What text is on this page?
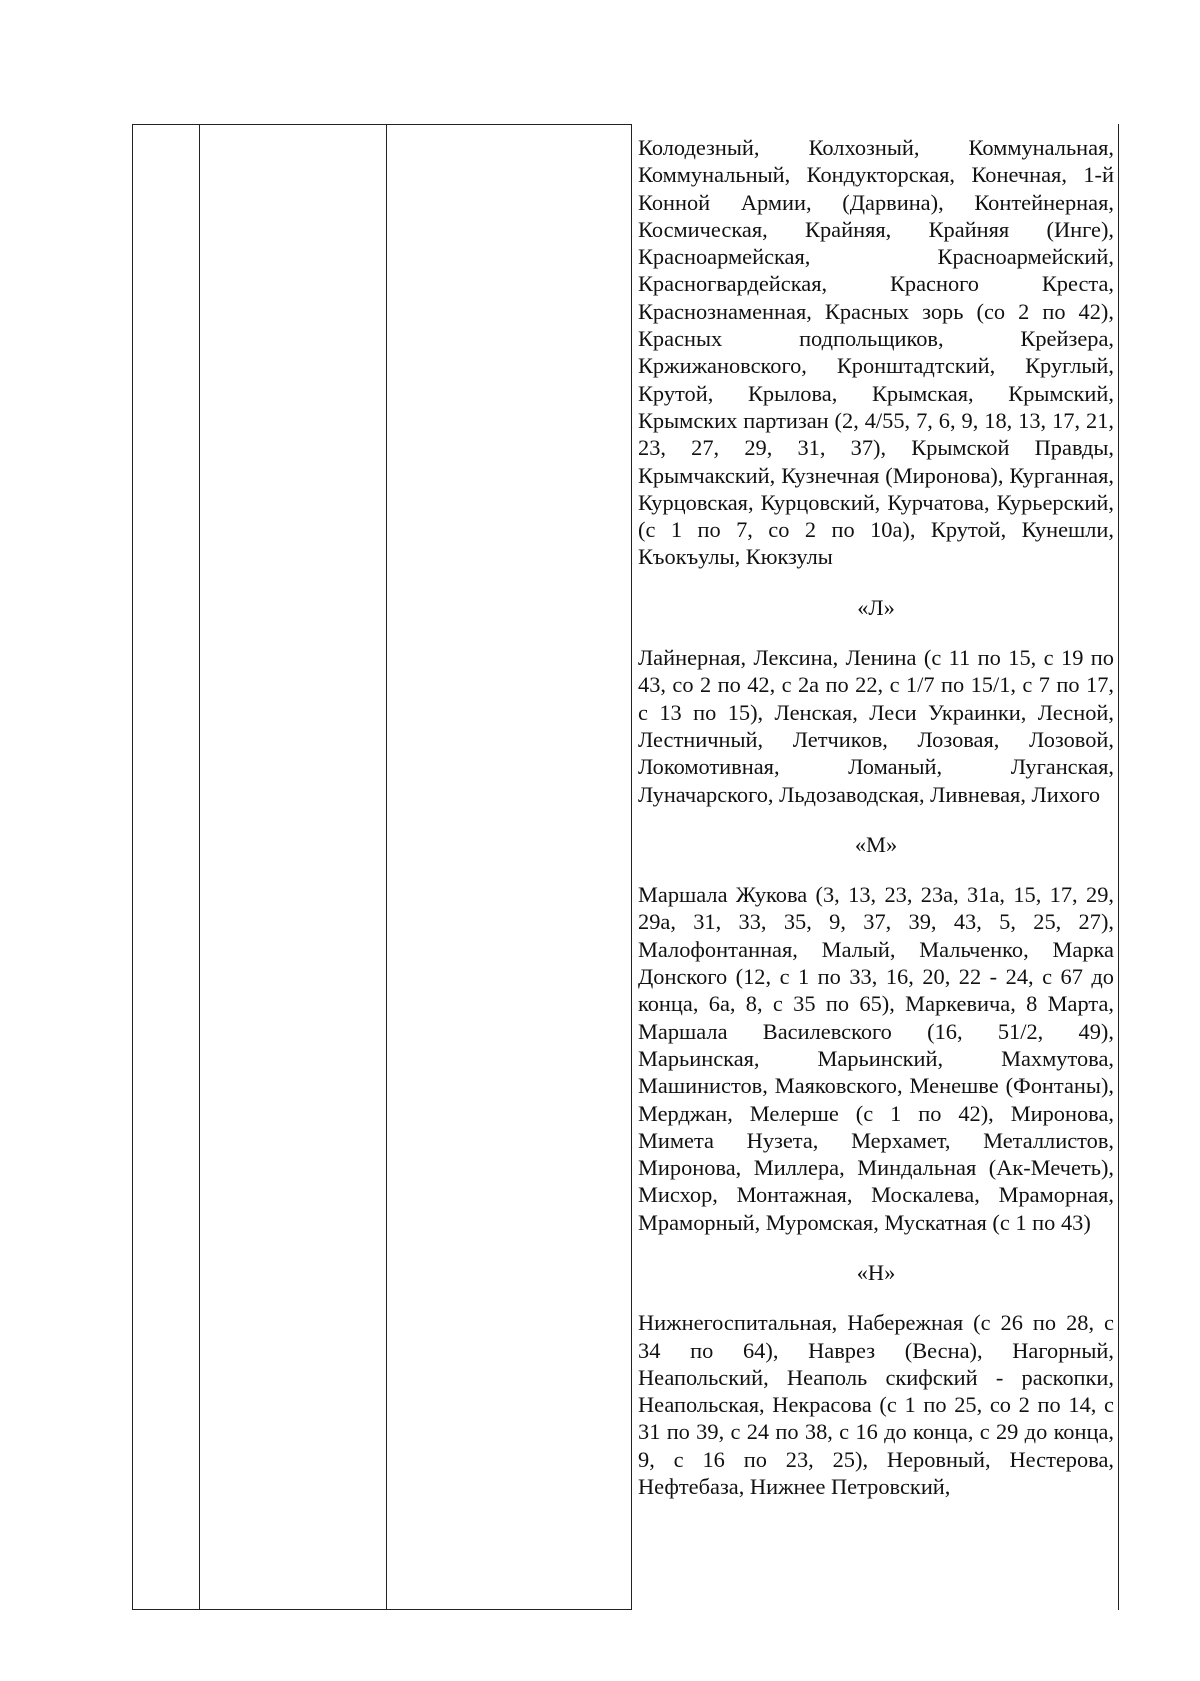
Колодезный, Колхозный, Коммунальная, Коммунальный, Кондукторская, Конечная, 1-й Конной Армии, (Дарвина), Контейнерная, Космическая, Крайняя, Крайняя (Инге), Красноармейская, Красноармейский, Красногвардейская, Красного Креста, Краснознаменная, Красных зорь (со 2 по 42), Красных подпольщиков, Крейзера, Кржижановского, Кронштадтский, Круглый, Крутой, Крылова, Крымская, Крымский, Крымских партизан (2, 4/55, 7, 6, 9, 18, 13, 17, 21, 23, 27, 29, 31, 37), Крымской Правды, Крымчакский, Кузнечная (Миронова), Курганная, Курцовская, Курцовский, Курчатова, Курьерский, (с 1 по 7, со 2 по 10а), Крутой, Кунешли, Къокъулы, Кюкзулы

«Л»

Лайнерная, Лексина, Ленина (с 11 по 15, с 19 по 43, со 2 по 42, с 2а по 22, с 1/7 по 15/1, с 7 по 17, с 13 по 15), Ленская, Леси Украинки, Лесной, Лестничный, Летчиков, Лозовая, Лозовой, Локомотивная, Ломаный, Луганская, Луначарского, Льдозаводская, Ливневая, Лихого

«М»

Маршала Жукова (3, 13, 23, 23а, 31а, 15, 17, 29, 29а, 31, 33, 35, 9, 37, 39, 43, 5, 25, 27), Малофонтанная, Малый, Мальченко, Марка Донского (12, с 1 по 33, 16, 20, 22 - 24, с 67 до конца, 6а, 8, с 35 по 65), Маркевича, 8 Марта, Маршала Василевского (16, 51/2, 49), Марьинская, Марьинский, Махмутова, Машинистов, Маяковского, Менешве (Фонтаны), Мерджан, Мелерше (с 1 по 42), Миронова, Мимета Нузета, Мерхамет, Металлистов, Миронова, Миллера, Миндальная (Ак-Мечеть), Мисхор, Монтажная, Москалева, Мраморная, Мраморный, Муромская, Мускатная (с 1 по 43)

«Н»

Нижнегоспитальная, Набережная (с 26 по 28, с 34 по 64), Наврез (Весна), Нагорный, Неапольский, Неаполь скифский - раскопки, Неапольская, Некрасова (с 1 по 25, со 2 по 14, с 31 по 39, с 24 по 38, с 16 до конца, с 29 до конца, 9, с 16 по 23, 25), Неровный, Нестерова, Нефтебаза, Нижнее Петровский,
